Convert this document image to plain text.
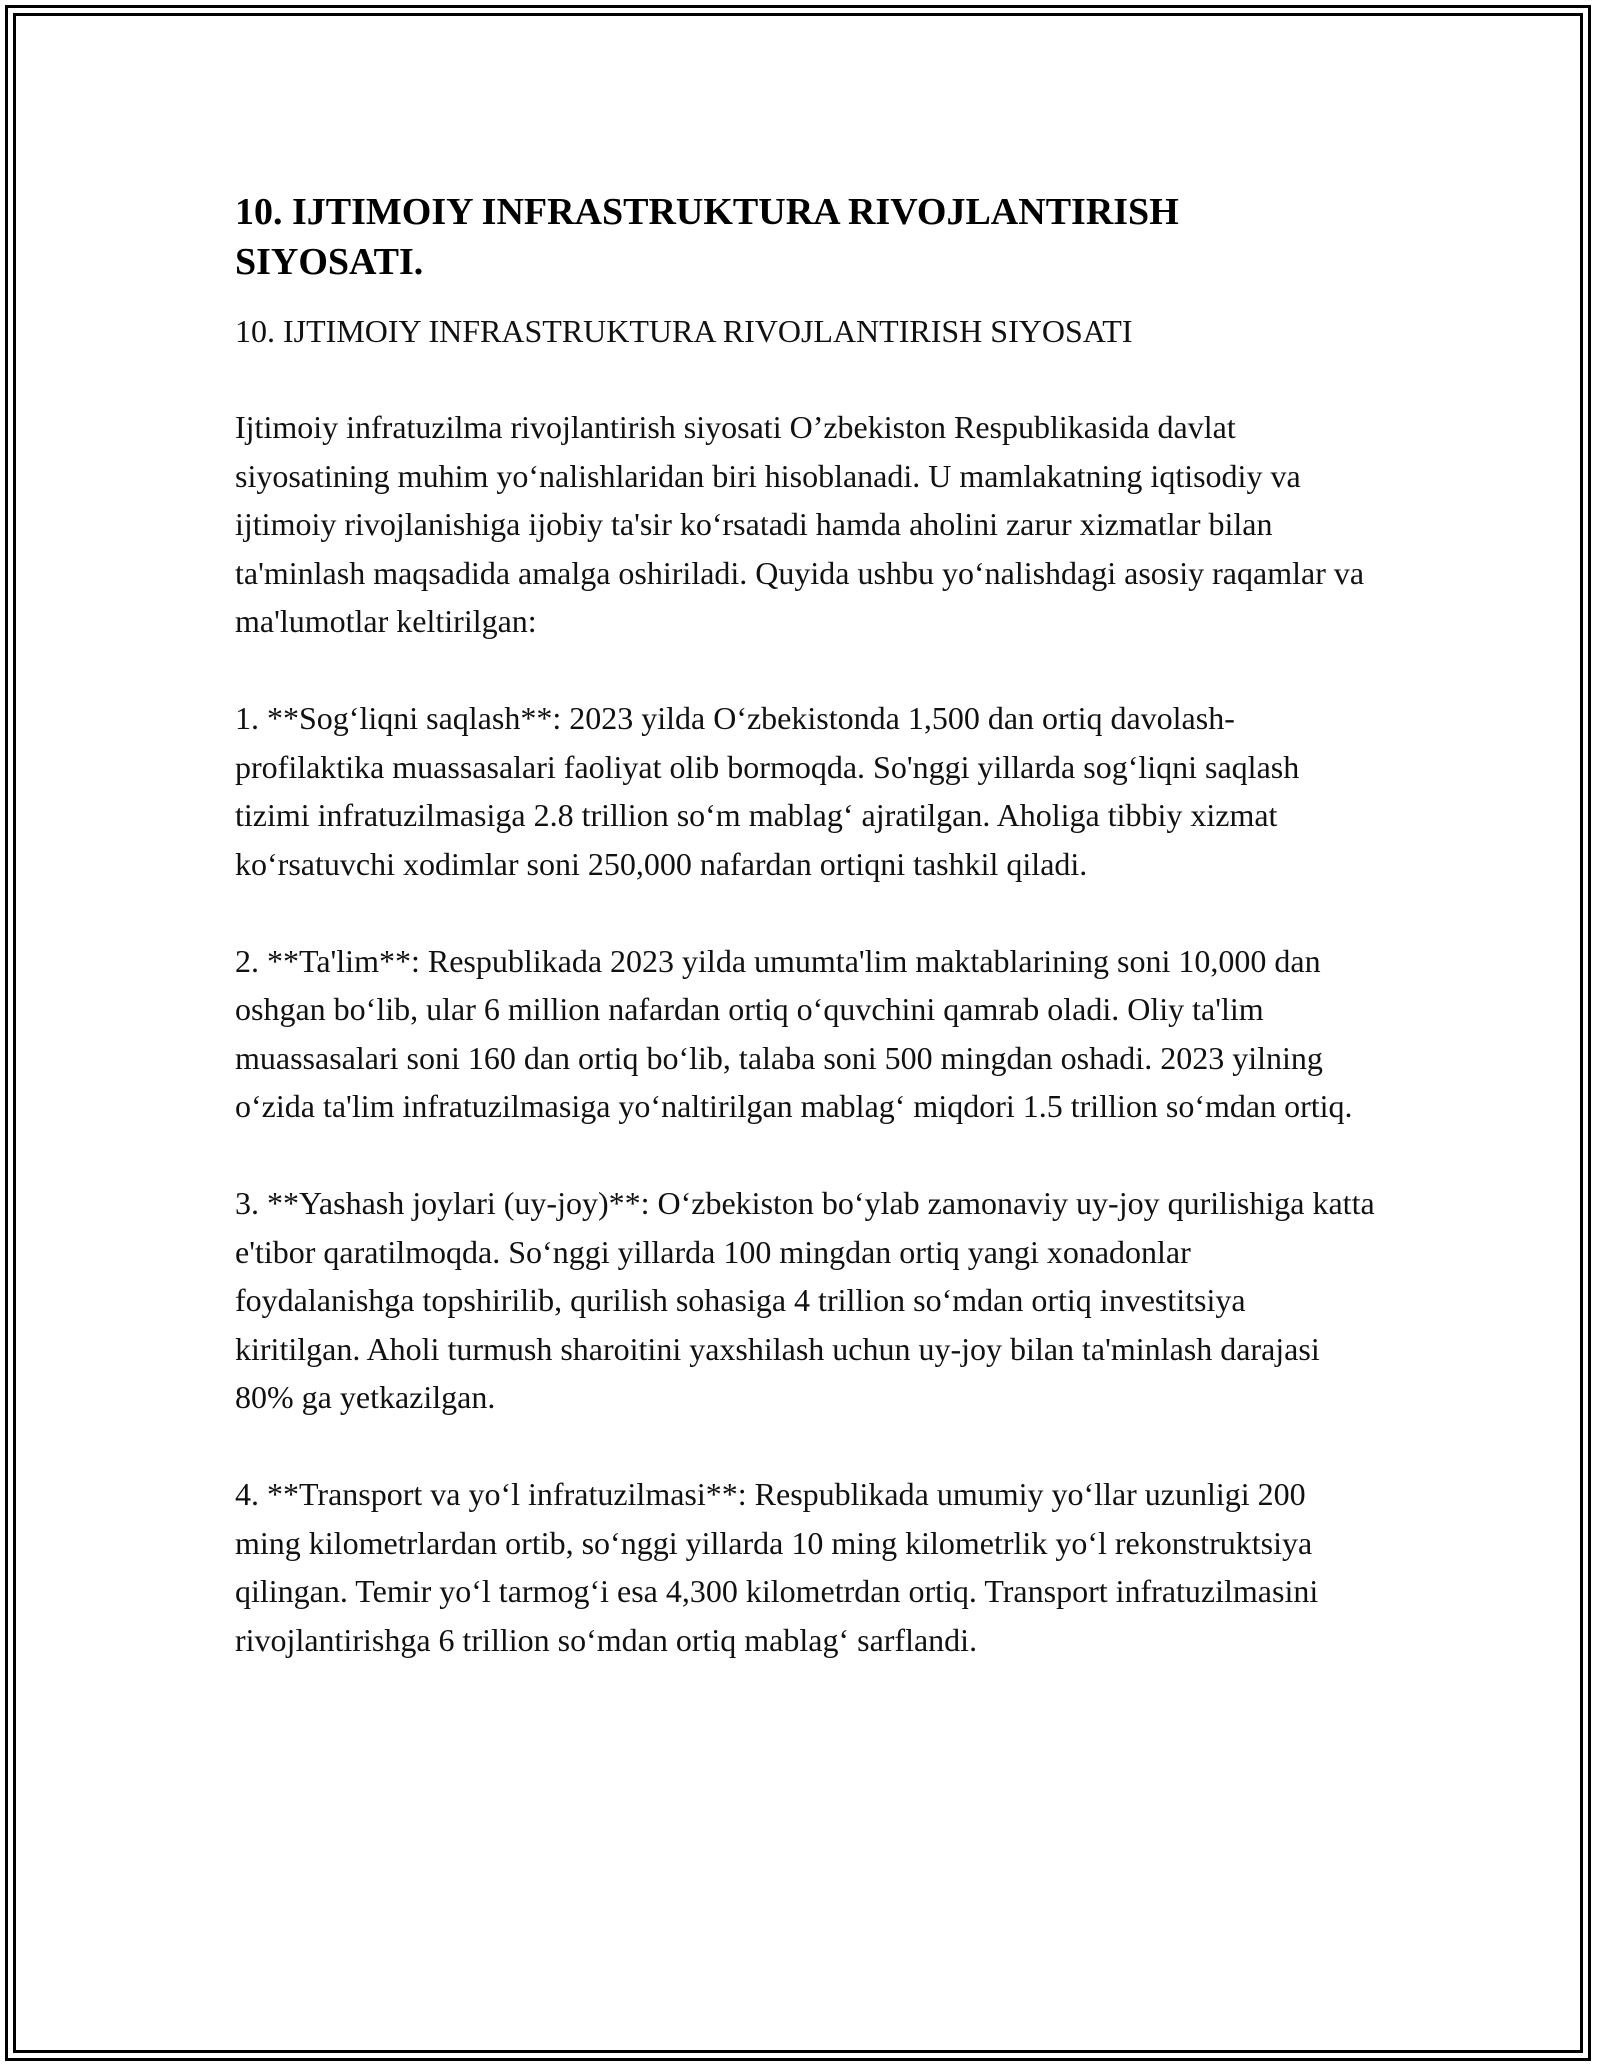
10. IJTIMOIY INFRASTRUKTURA RIVOJLANTIRISH SIYOSATI.
10. IJTIMOIY INFRASTRUKTURA RIVOJLANTIRISH SIYOSATI

Ijtimoiy infratuzilma rivojlantirish siyosati O’zbekiston Respublikasida davlat siyosatining muhim yo‘nalishlaridan biri hisoblanadi. U mamlakatning iqtisodiy va ijtimoiy rivojlanishiga ijobiy ta'sir ko‘rsatadi hamda aholini zarur xizmatlar bilan ta'minlash maqsadida amalga oshiriladi. Quyida ushbu yo‘nalishdagi asosiy raqamlar va ma'lumotlar keltirilgan:

1. **Sog‘liqni saqlash**: 2023 yilda O‘zbekistonda 1,500 dan ortiq davolash-profilaktika muassasalari faoliyat olib bormoqda. So'nggi yillarda sog‘liqni saqlash tizimi infratuzilmasiga 2.8 trillion so‘m mablag‘ ajratilgan. Aholiga tibbiy xizmat ko‘rsatuvchi xodimlar soni 250,000 nafardan ortiqni tashkil qiladi.

2. **Ta'lim**: Respublikada 2023 yilda umumta'lim maktablarining soni 10,000 dan oshgan bo‘lib, ular 6 million nafardan ortiq o‘quvchini qamrab oladi. Oliy ta'lim muassasalari soni 160 dan ortiq bo‘lib, talaba soni 500 mingdan oshadi. 2023 yilning o‘zida ta'lim infratuzilmasiga yo‘naltirilgan mablag‘ miqdori 1.5 trillion so‘mdan ortiq.

3. **Yashash joylari (uy-joy)**: O‘zbekiston bo‘ylab zamonaviy uy-joy qurilishiga katta e'tibor qaratilmoqda. So‘nggi yillarda 100 mingdan ortiq yangi xonadonlar foydalanishga topshirilib, qurilish sohasiga 4 trillion so‘mdan ortiq investitsiya kiritilgan. Aholi turmush sharoitini yaxshilash uchun uy-joy bilan ta'minlash darajasi 80% ga yetkazilgan.

4. **Transport va yo‘l infratuzilmasi**: Respublikada umumiy yo‘llar uzunligi 200 ming kilometrlardan ortib, so‘nggi yillarda 10 ming kilometrlik yo‘l rekonstruktsiya qilingan. Temir yo‘l tarmog‘i esa 4,300 kilometrdan ortiq. Transport infratuzilmasini rivojlantirishga 6 trillion so‘mdan ortiq mablag‘ sarflandi.
